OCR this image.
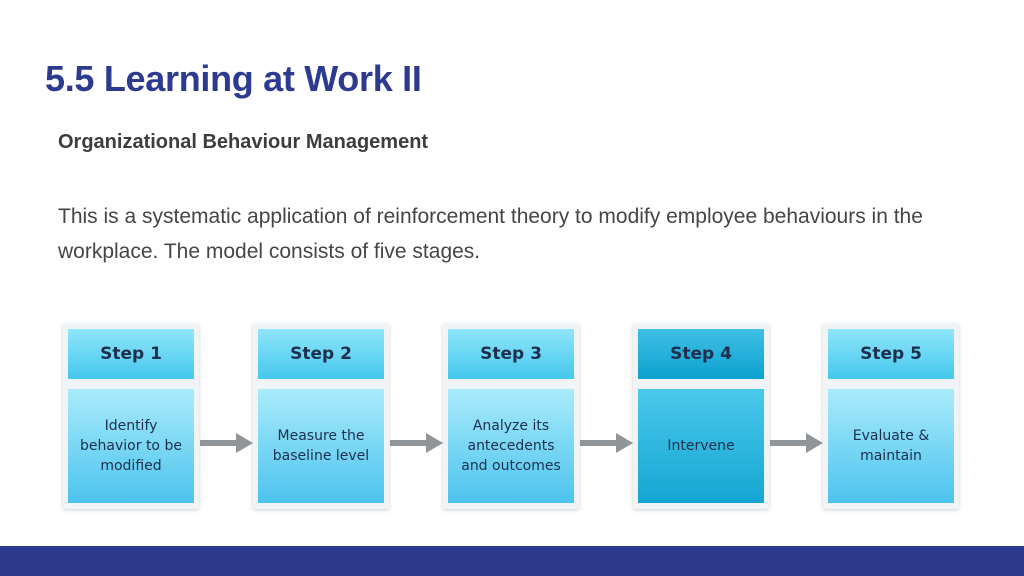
5.5 Learning at Work II
Organizational Behaviour Management
This is a systematic application of reinforcement theory to modify employee behaviours in the workplace. The model consists of five stages.
Step 1
Identify behavior to be modified
Step 2
Measure the baseline level
Step 3
Analyze its antecedents and outcomes
Step 4
Intervene
Step 5
Evaluate & maintain
